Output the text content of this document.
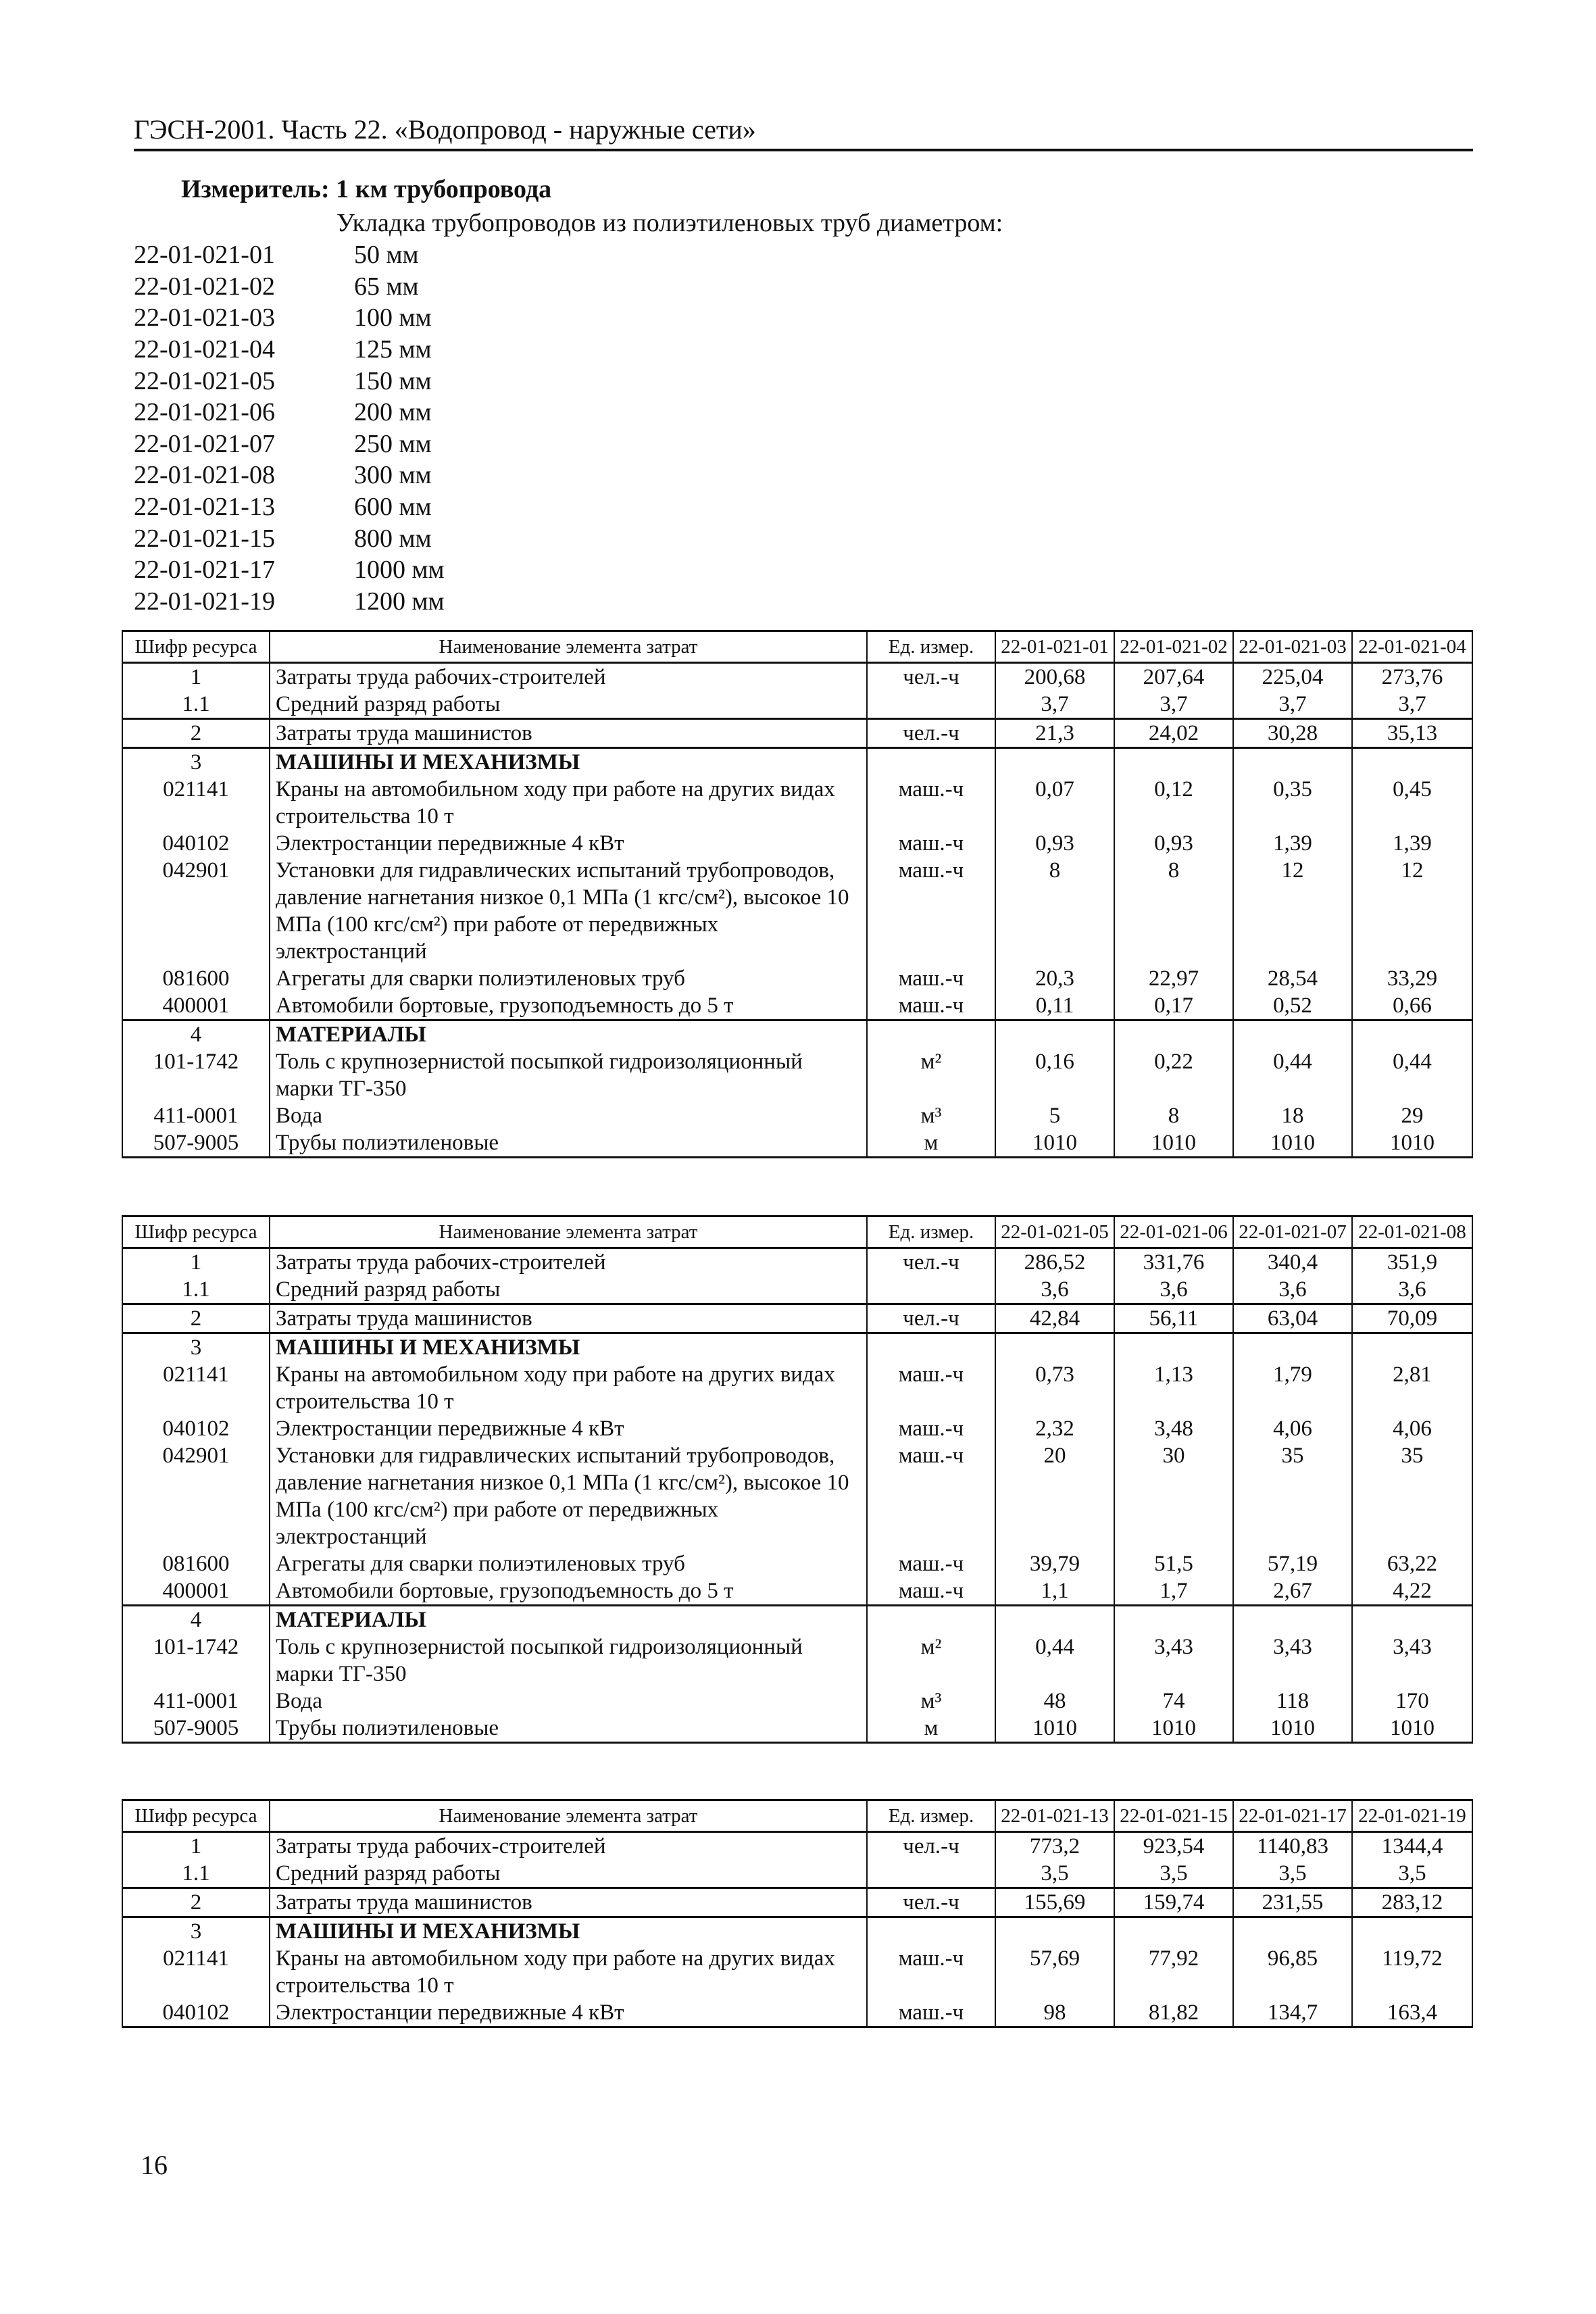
ГЭСН-2001. Часть 22. «Водопровод - наружные сети»
Измеритель: 1 км трубопровода
Укладка трубопроводов из полиэтиленовых труб диаметром:
22-01-021-01	50 мм
22-01-021-02	65 мм
22-01-021-03	100 мм
22-01-021-04	125 мм
22-01-021-05	150 мм
22-01-021-06	200 мм
22-01-021-07	250 мм
22-01-021-08	300 мм
22-01-021-13	600 мм
22-01-021-15	800 мм
22-01-021-17	1000 мм
22-01-021-19	1200 мм
Шифр ресурса	Наименование элемента затрат	Ед. измер.	22-01-021-01	22-01-021-02	22-01-021-03	22-01-021-04
1	Затраты труда рабочих-строителей	чел.-ч	200,68	207,64	225,04	273,76
1.1	Средний разряд работы		3,7	3,7	3,7	3,7
2	Затраты труда машинистов	чел.-ч	21,3	24,02	30,28	35,13
3	МАШИНЫ И МЕХАНИЗМЫ					
021141	Краны на автомобильном ходу при работе на других видах строительства 10 т	маш.-ч	0,07	0,12	0,35	0,45
040102	Электростанции передвижные 4 кВт	маш.-ч	0,93	0,93	1,39	1,39
042901	Установки для гидравлических испытаний трубопроводов, давление нагнетания низкое 0,1 МПа (1 кгс/см²), высокое 10 МПа (100 кгс/см²) при работе от передвижных электростанций	маш.-ч	8	8	12	12
081600	Агрегаты для сварки полиэтиленовых труб	маш.-ч	20,3	22,97	28,54	33,29
400001	Автомобили бортовые, грузоподъемность до 5 т	маш.-ч	0,11	0,17	0,52	0,66
4	МАТЕРИАЛЫ					
101-1742	Толь с крупнозернистой посыпкой гидроизоляционный марки ТГ-350	м²	0,16	0,22	0,44	0,44
411-0001	Вода	м³	5	8	18	29
507-9005	Трубы полиэтиленовые	м	1010	1010	1010	1010
Шифр ресурса	Наименование элемента затрат	Ед. измер.	22-01-021-05	22-01-021-06	22-01-021-07	22-01-021-08
1	Затраты труда рабочих-строителей	чел.-ч	286,52	331,76	340,4	351,9
1.1	Средний разряд работы		3,6	3,6	3,6	3,6
2	Затраты труда машинистов	чел.-ч	42,84	56,11	63,04	70,09
3	МАШИНЫ И МЕХАНИЗМЫ					
021141	Краны на автомобильном ходу при работе на других видах строительства 10 т	маш.-ч	0,73	1,13	1,79	2,81
040102	Электростанции передвижные 4 кВт	маш.-ч	2,32	3,48	4,06	4,06
042901	Установки для гидравлических испытаний трубопроводов, давление нагнетания низкое 0,1 МПа (1 кгс/см²), высокое 10 МПа (100 кгс/см²) при работе от передвижных электростанций	маш.-ч	20	30	35	35
081600	Агрегаты для сварки полиэтиленовых труб	маш.-ч	39,79	51,5	57,19	63,22
400001	Автомобили бортовые, грузоподъемность до 5 т	маш.-ч	1,1	1,7	2,67	4,22
4	МАТЕРИАЛЫ					
101-1742	Толь с крупнозернистой посыпкой гидроизоляционный марки ТГ-350	м²	0,44	3,43	3,43	3,43
411-0001	Вода	м³	48	74	118	170
507-9005	Трубы полиэтиленовые	м	1010	1010	1010	1010
Шифр ресурса	Наименование элемента затрат	Ед. измер.	22-01-021-13	22-01-021-15	22-01-021-17	22-01-021-19
1	Затраты труда рабочих-строителей	чел.-ч	773,2	923,54	1140,83	1344,4
1.1	Средний разряд работы		3,5	3,5	3,5	3,5
2	Затраты труда машинистов	чел.-ч	155,69	159,74	231,55	283,12
3	МАШИНЫ И МЕХАНИЗМЫ					
021141	Краны на автомобильном ходу при работе на других видах строительства 10 т	маш.-ч	57,69	77,92	96,85	119,72
040102	Электростанции передвижные 4 кВт	маш.-ч	98	81,82	134,7	163,4
16
